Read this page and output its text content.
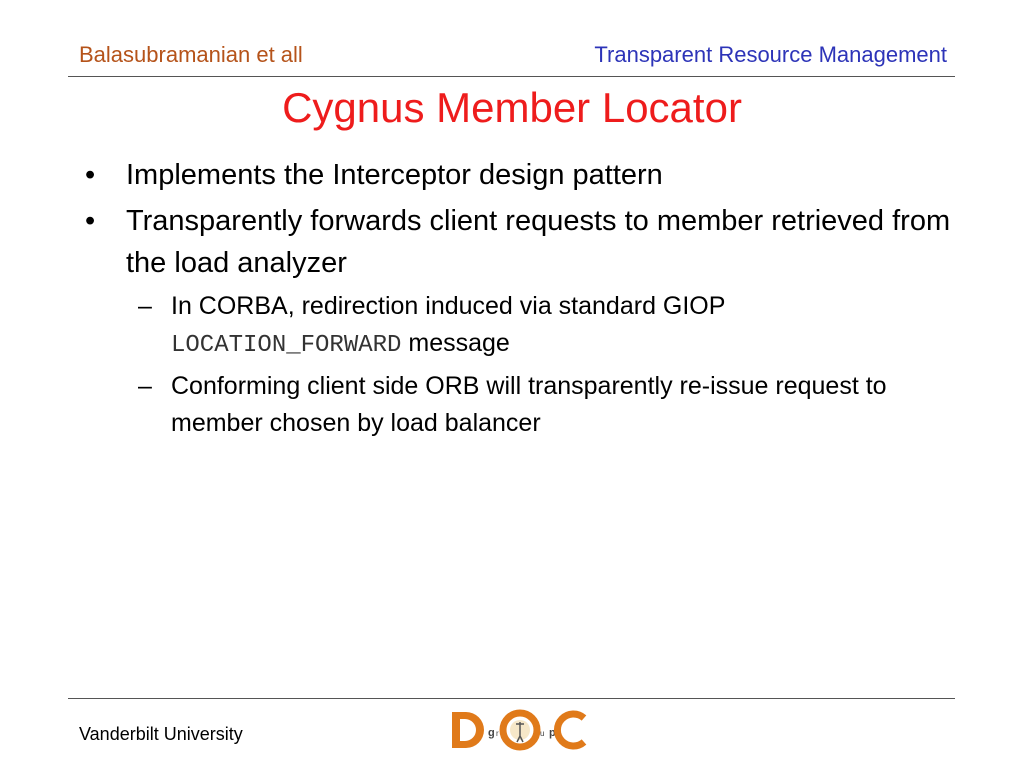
Balasubramanian et all	Transparent Resource Management
Cygnus Member Locator
• Implements the Interceptor design pattern
• Transparently forwards client requests to member retrieved from the load analyzer
– In CORBA, redirection induced via standard GIOP LOCATION_FORWARD message
– Conforming client side ORB will transparently re-issue request to member chosen by load balancer
Vanderbilt University	g r	u p
